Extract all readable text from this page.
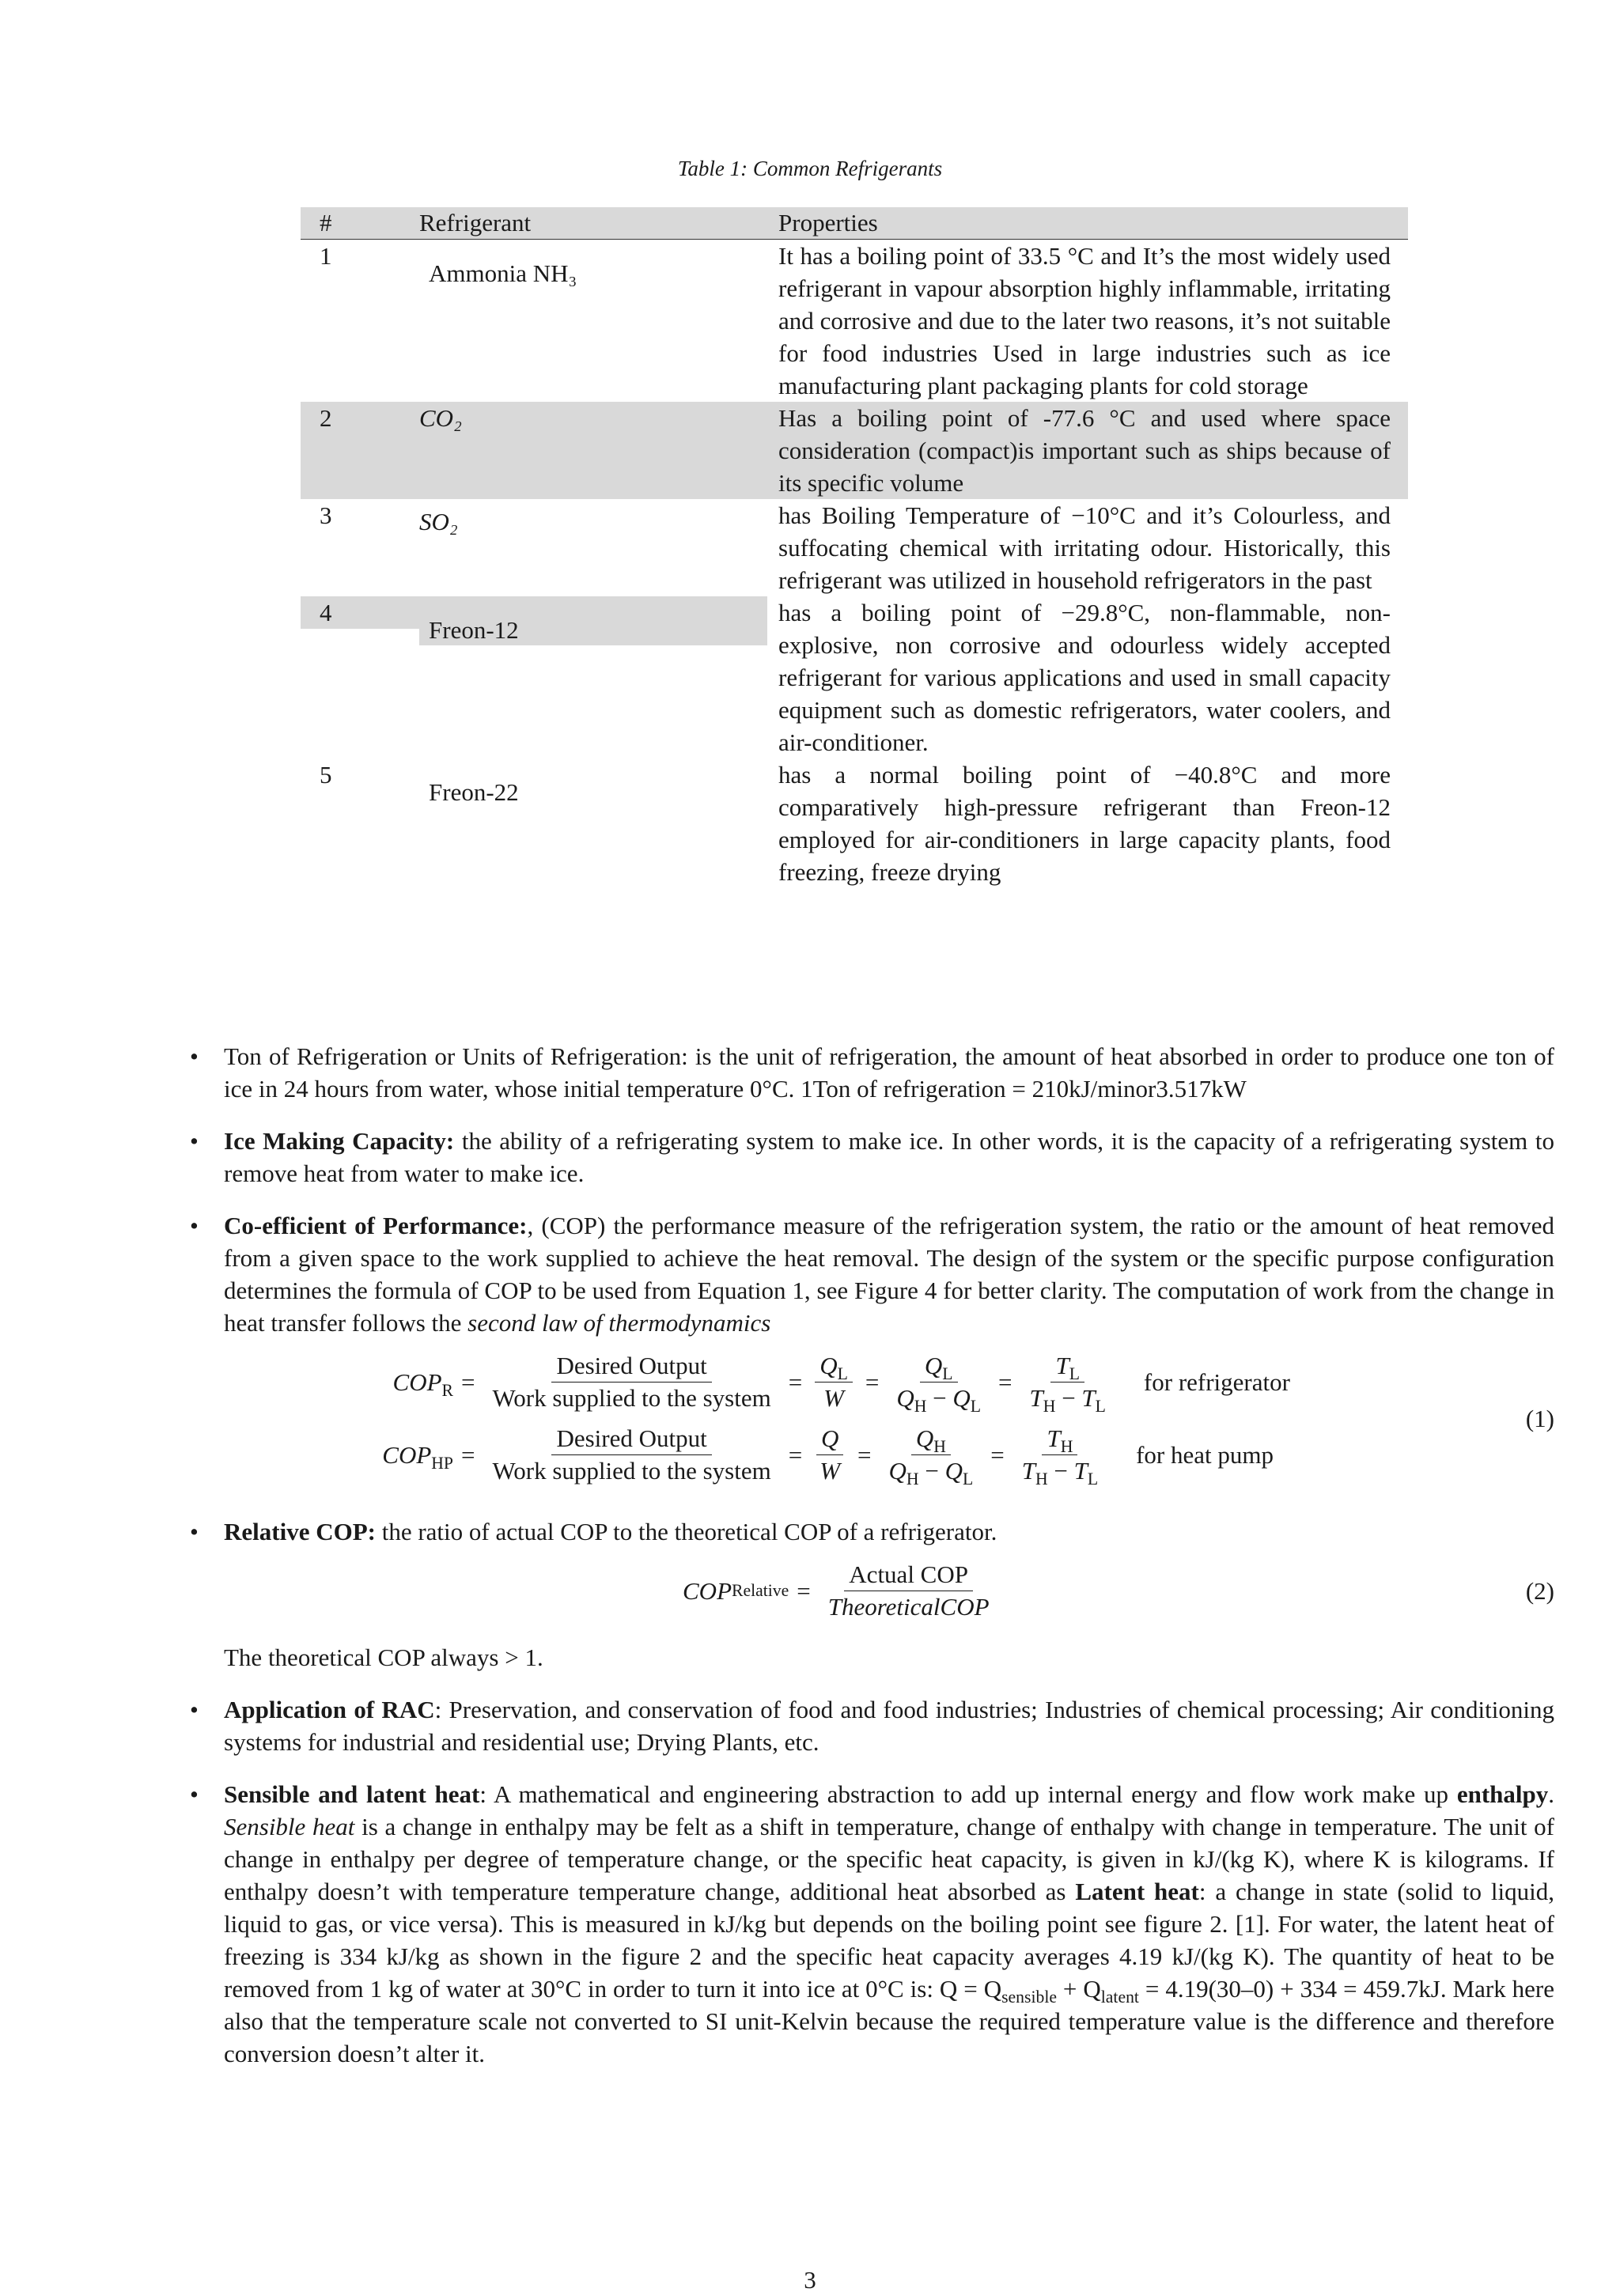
Table 1: Common Refrigerants
#	Refrigerant	Properties
1	Ammonia NH₃	It has a boiling point of 33.5 °C and It’s the most widely used refrigerant in vapour absorption highly inflammable, irritating and corrosive and due to the later two reasons, it’s not suitable for food industries Used in large industries such as ice manufacturing plant packaging plants for cold storage
2	CO₂	Has a boiling point of -77.6 °C and used where space consideration (compact)is important such as ships because of its specific volume
3	SO₂	has Boiling Temperature of −10°C and it’s Colourless, and suffocating chemical with irritating odour. Historically, this refrigerant was utilized in household refrigerators in the past

4	Freon-12	has a boiling point of −29.8°C, non-flammable, non-explosive, non corrosive and odourless widely accepted refrigerant for various applications and used in small capacity equipment such as domestic refrigerators, water coolers, and air-conditioner.
5	Freon-22	has a normal boiling point of −40.8°C and more comparatively high-pressure refrigerant than Freon-12 employed for air-conditioners in large capacity plants, food freezing, freeze drying
• Ton of Refrigeration or Units of Refrigeration: is the unit of refrigeration, the amount of heat absorbed in order to produce one ton of ice in 24 hours from water, whose initial temperature 0°C. 1Ton of refrigeration = 210kJ/minor3.517kW
• Ice Making Capacity: the ability of a refrigerating system to make ice. In other words, it is the capacity of a refrigerating system to remove heat from water to make ice.
• Co-efficient of Performance:, (COP) the performance measure of the refrigeration system, the ratio or the amount of heat removed from a given space to the work supplied to achieve the heat removal. The design of the system or the specific purpose configuration determines the formula of COP to be used from Equation 1, see Figure 4 for better clarity. The computation of work from the change in heat transfer follows the second law of thermodynamics
$COP_R = \frac{\text{Desired Output}}{\text{Work supplied to the system}} = \frac{Q_L}{W} = \frac{Q_L}{Q_H - Q_L} = \frac{T_L}{T_H - T_L}$ for refrigerator
$COP_{HP} = \frac{\text{Desired Output}}{\text{Work supplied to the system}} = \frac{Q}{W} = \frac{Q_H}{Q_H - Q_L} = \frac{T_H}{T_H - T_L}$ for heat pump
(1)
• Relative COP: the ratio of actual COP to the theoretical COP of a refrigerator.
COP Relative = $\frac{\text{Actual COP}}{\text{TheoreticalCOP}}$	(2)
The theoretical COP always > 1.
• Application of RAC: Preservation, and conservation of food and food industries; Industries of chemical processing; Air conditioning systems for industrial and residential use; Drying Plants, etc.
• Sensible and latent heat: A mathematical and engineering abstraction to add up internal energy and flow work make up enthalpy. Sensible heat is a change in enthalpy may be felt as a shift in temperature, change of enthalpy with change in temperature. The unit of change in enthalpy per degree of temperature change, or the specific heat capacity, is given in kJ/(kg K), where K is kilograms. If enthalpy doesn’t with temperature temperature change, additional heat absorbed as Latent heat: a change in state (solid to liquid, liquid to gas, or vice versa). This is measured in kJ/kg but depends on the boiling point see figure 2. [1]. For water, the latent heat of freezing is 334 kJ/kg as shown in the figure 2 and the specific heat capacity averages 4.19 kJ/(kg K). The quantity of heat to be removed from 1 kg of water at 30°C in order to turn it into ice at 0°C is: $Q = Q_{sensible} + Q_{latent} = 4.19(30-0) + 334 = 459.7kJ$. Mark here also that the temperature scale not converted to SI unit-Kelvin because the required temperature value is the difference and therefore conversion doesn’t alter it.
3
